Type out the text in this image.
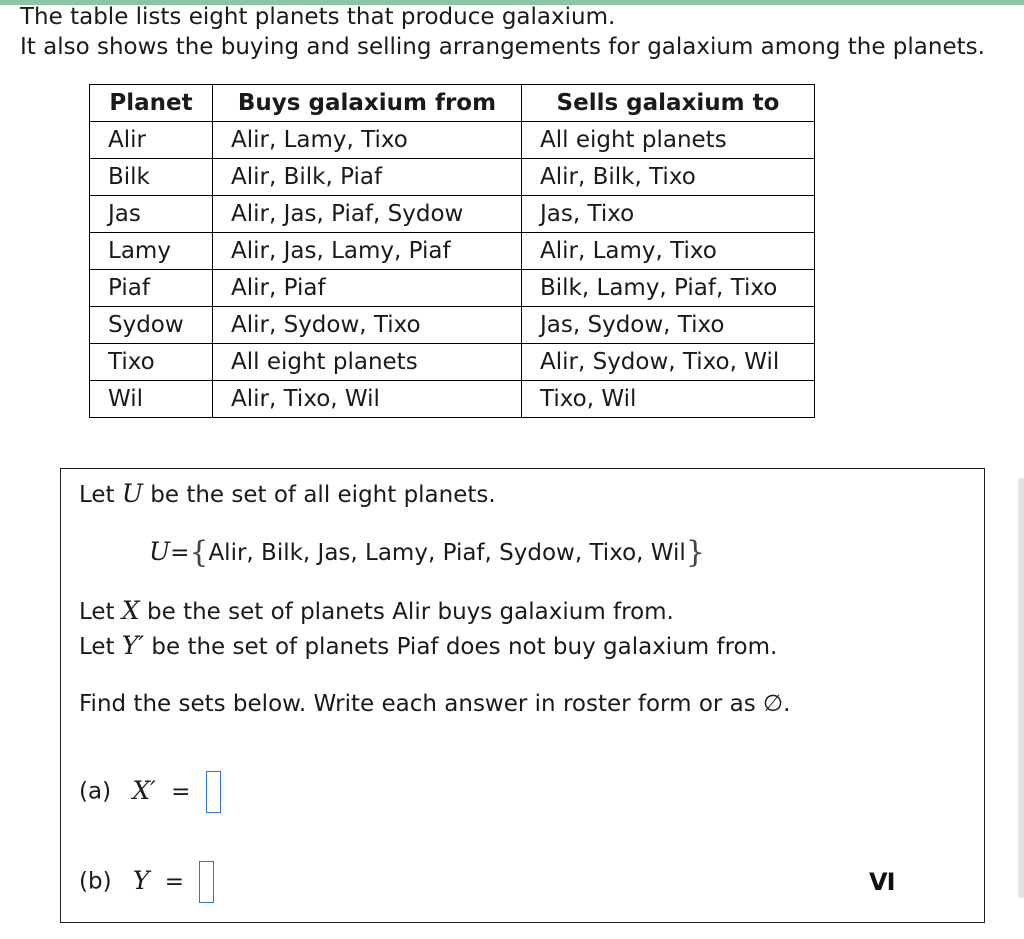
The table lists eight planets that produce galaxium.
It also shows the buying and selling arrangements for galaxium among the planets.
Planet	Buys galaxium from	Sells galaxium to
Alir	Alir, Lamy, Tixo	All eight planets
Bilk	Alir, Bilk, Piaf	Alir, Bilk, Tixo
Jas	Alir, Jas, Piaf, Sydow	Jas, Tixo
Lamy	Alir, Jas, Lamy, Piaf	Alir, Lamy, Tixo
Piaf	Alir, Piaf	Bilk, Lamy, Piaf, Tixo
Sydow	Alir, Sydow, Tixo	Jas, Sydow, Tixo
Tixo	All eight planets	Alir, Sydow, Tixo, Wil
Wil	Alir, Tixo, Wil	Tixo, Wil
Let U be the set of all eight planets.
U={Alir, Bilk, Jas, Lamy, Piaf, Sydow, Tixo, Wil}
Let X be the set of planets Alir buys galaxium from.
Let Y′ be the set of planets Piaf does not buy galaxium from.
Find the sets below. Write each answer in roster form or as ∅.
(a) X′ =
(b) Y =	VI
